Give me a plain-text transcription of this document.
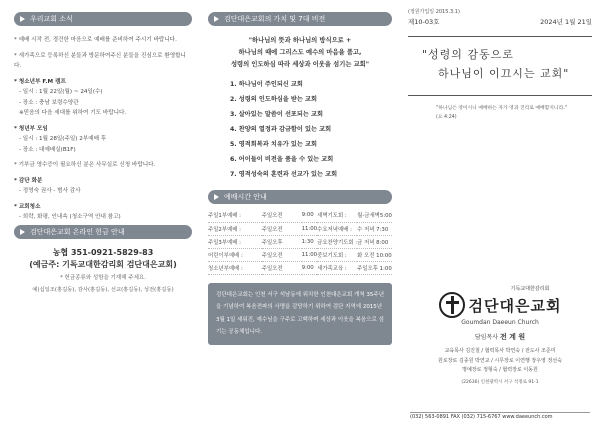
우리교회 소식
* 예배 시작 전, 경건한 마음으로 예배를 준비하여 주시기 바랍니다.
* 새가족으로 등록하신 분들과 방문하여주신 분들을 진심으로 환영합니다.
* 청소년부 F.M 캠프
- 일시 : 1월 22일(월) ~ 24일(수)
- 장소 : 충남 보령수양관
※믿음의 다음 세대를 위하여 기도 바랍니다.
* 청년부 모임
- 일시 : 1월 28일(주일) 2부예배 후
- 장소 : 대예배실(B1F)
* 기부금 영수증이 필요하신 분은 사무실로 신청 바랍니다.
* 감단 화분
- 정영숙 권사 - 범사 감사
* 교회청소
- 희락, 화평, 인내속 (청소구역 안내 참고)
검단대은교회 온라인 헌금 안내
농협 351-0921-5829-83
(예금주: 기독교대한감리회 검단대은교회)
* 헌금종류와 성함을 기재해 주세요.
예)십일조(홍길동), 감사(홍길동), 선교(홍길동), 성전(홍길동)
검단대은교회의 가치 및 7대 비전
"하나님의 뜻과 하나님의 방식으로 +
하나님의 때에 그리스도 예수의 마음을 품고,
성령의 인도하심 따라 세상과 이웃을 섬기는 교회"
1. 하나님이 주인되신 교회
2. 성령의 인도하심을 받는 교회
3. 살아있는 말씀이 선포되는 교회
4. 찬양의 열정과 감금함이 있는 교회
5. 영적회복과 치유가 있는 교회
6. 어이들이 비전을 품을 수 있는 교회
7. 영적성숙의 훈련과 선교가 있는 교회
예배시간 안내
주일1부예배 :	주일오전	9:00	새벽기도회 :	월-금새벽5:00
주일2부예배 :	주일오전	11:00	수요저녁예배 :	수 저녁 7:30
주일3부예배 :	주일오후	1:30	금요찬양기도회 :	금 저녁 8:00
어린이부예배 :	주일오전	11:00	중보기도회 :	화 오전 10:00
청소년부예배 :	주일오전	9:00	새가족교육 :	주일오후 1:00
검단대은교회는 인천 서구 석남동에 위치한 인천대은교회 개척 35주년을 기념하여 복음전파의 사명을 감당하기 위하여 검단 지역에 2015년 3월 1일 세워진, 예수님을 구주로 고백하며 세상과 이웃을 복음으로 섬기는 공동체입니다.
(정원가입일 2015.3.1)
제10-03호	2024년 1월 21일
"성령의 감동으로
하나님이 이끄시는 교회"
"하나님은 영이시니 예배하는 자가 영과 진리로 예배할지니라."
(요 4:24)
기독교대한감리회
검단대은교회
Goumdan Daeeun Church
담임목사 전 계 원
교육목사 김진철 / 협력목사 박연숙 / 전도사 조준미
원로장로 김종원 박연교 / 시무장로 이연행 장우영 정선숙
명예장로 정형숙 / 협력장로 이동원
(22636) 인천광역시 서구 석정로 91-1
(032) 563-0891 FAX (032) 715-6767 www.daeeunch.com
